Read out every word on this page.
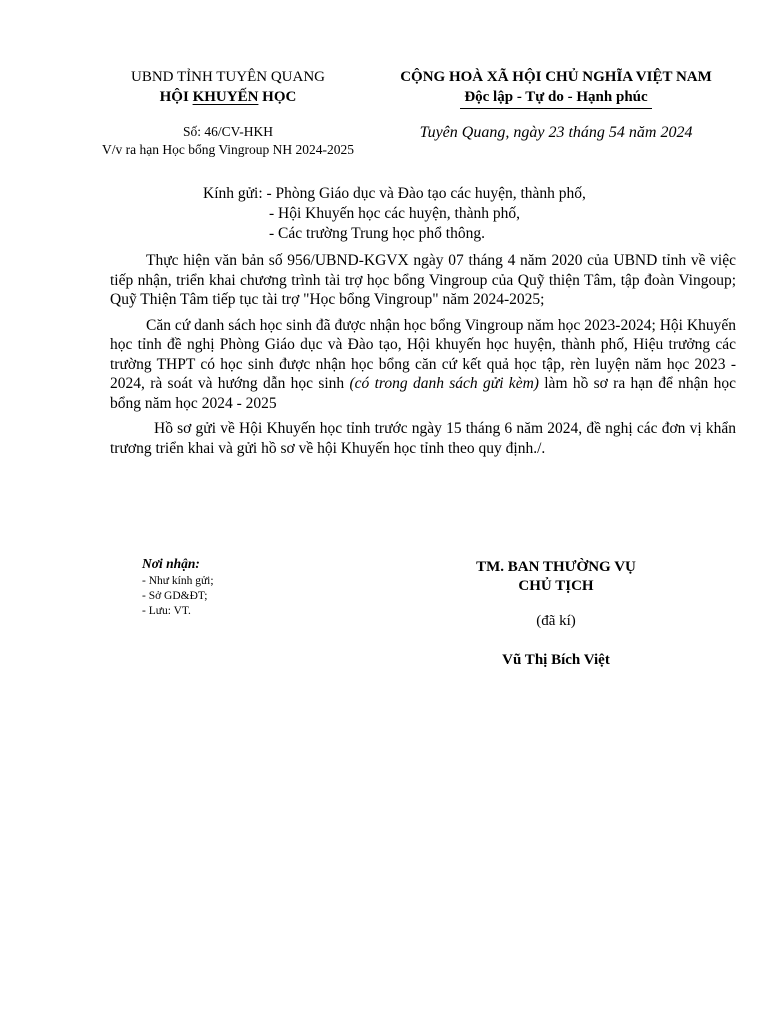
UBND TỈNH TUYÊN QUANG
HỘI KHUYẾN HỌC
Số: 46/CV-HKH
V/v ra hạn Học bổng Vingroup NH 2024-2025
CỘNG HOÀ XÃ HỘI CHỦ NGHĨA VIỆT NAM
Độc lập - Tự do - Hạnh phúc
Tuyên Quang, ngày 23 tháng 54 năm 2024
Kính gửi: - Phòng Giáo dục và Đào tạo các huyện, thành phố,
- Hội Khuyến học các huyện, thành phố,
- Các trường Trung học phổ thông.

Thực hiện văn bản số 956/UBND-KGVX ngày 07 tháng 4 năm 2020 của UBND tỉnh về việc tiếp nhận, triển khai chương trình tài trợ học bổng Vingroup của Quỹ thiện Tâm, tập đoàn Vingoup; Quỹ Thiện Tâm tiếp tục tài trợ "Học bổng Vingroup" năm 2024-2025;

Căn cứ danh sách học sinh đã được nhận học bổng Vingroup năm học 2023-2024; Hội Khuyến học tỉnh đề nghị Phòng Giáo dục và Đào tạo, Hội khuyến học huyện, thành phố, Hiệu trưởng các trường THPT có học sinh được nhận học bổng căn cứ kết quả học tập, rèn luyện năm học 2023 - 2024, rà soát và hướng dẫn học sinh (có trong danh sách gửi kèm) làm hồ sơ ra hạn để nhận học bổng năm học 2024 - 2025

Hồ sơ gửi về Hội Khuyến học tỉnh trước ngày 15 tháng 6 năm 2024, đề nghị các đơn vị khẩn trương triển khai và gửi hồ sơ về hội Khuyến học tỉnh theo quy định./.

Nơi nhận:
- Như kính gửi;
- Sở GD&ĐT;
- Lưu: VT.
TM. BAN THƯỜNG VỤ
CHỦ TỊCH
(đã kí)
Vũ Thị Bích Việt
